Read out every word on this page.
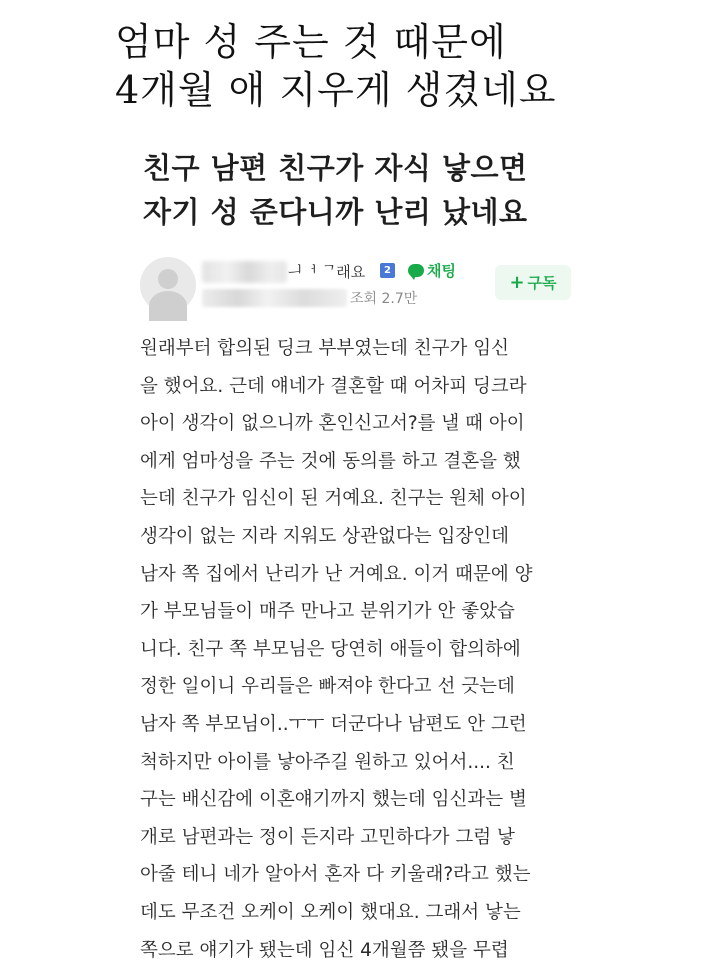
엄마 성 주는 것 때문에
4개월 애 지우게 생겼네요
친구 남편 친구가 자식 낳으면
자기 성 준다니까 난리 났네요
ᅴᅥ ᄀ래요	2 채팅
조회 2.7만
+ 구독
원래부터 합의된 딩크 부부였는데 친구가 임신
을 했어요. 근데 얘네가 결혼할 때 어차피 딩크라
아이 생각이 없으니까 혼인신고서?를 낼 때 아이
에게 엄마성을 주는 것에 동의를 하고 결혼을 했
는데 친구가 임신이 된 거예요. 친구는 원체 아이
생각이 없는 지라 지워도 상관없다는 입장인데
남자 쪽 집에서 난리가 난 거예요. 이거 때문에 양
가 부모님들이 매주 만나고 분위기가 안 좋았습
니다. 친구 쪽 부모님은 당연히 애들이 합의하에
정한 일이니 우리들은 빠져야 한다고 선 긋는데
남자 쪽 부모님이..ㅜㅜ 더군다나 남편도 안 그런
척하지만 아이를 낳아주길 원하고 있어서.... 친
구는 배신감에 이혼얘기까지 했는데 임신과는 별
개로 남편과는 정이 든지라 고민하다가 그럼 낳
아줄 테니 네가 알아서 혼자 다 키울래?라고 했는
데도 무조건 오케이 오케이 했대요. 그래서 낳는
쪽으로 얘기가 됐는데 임신 4개월쯤 됐을 무렵
